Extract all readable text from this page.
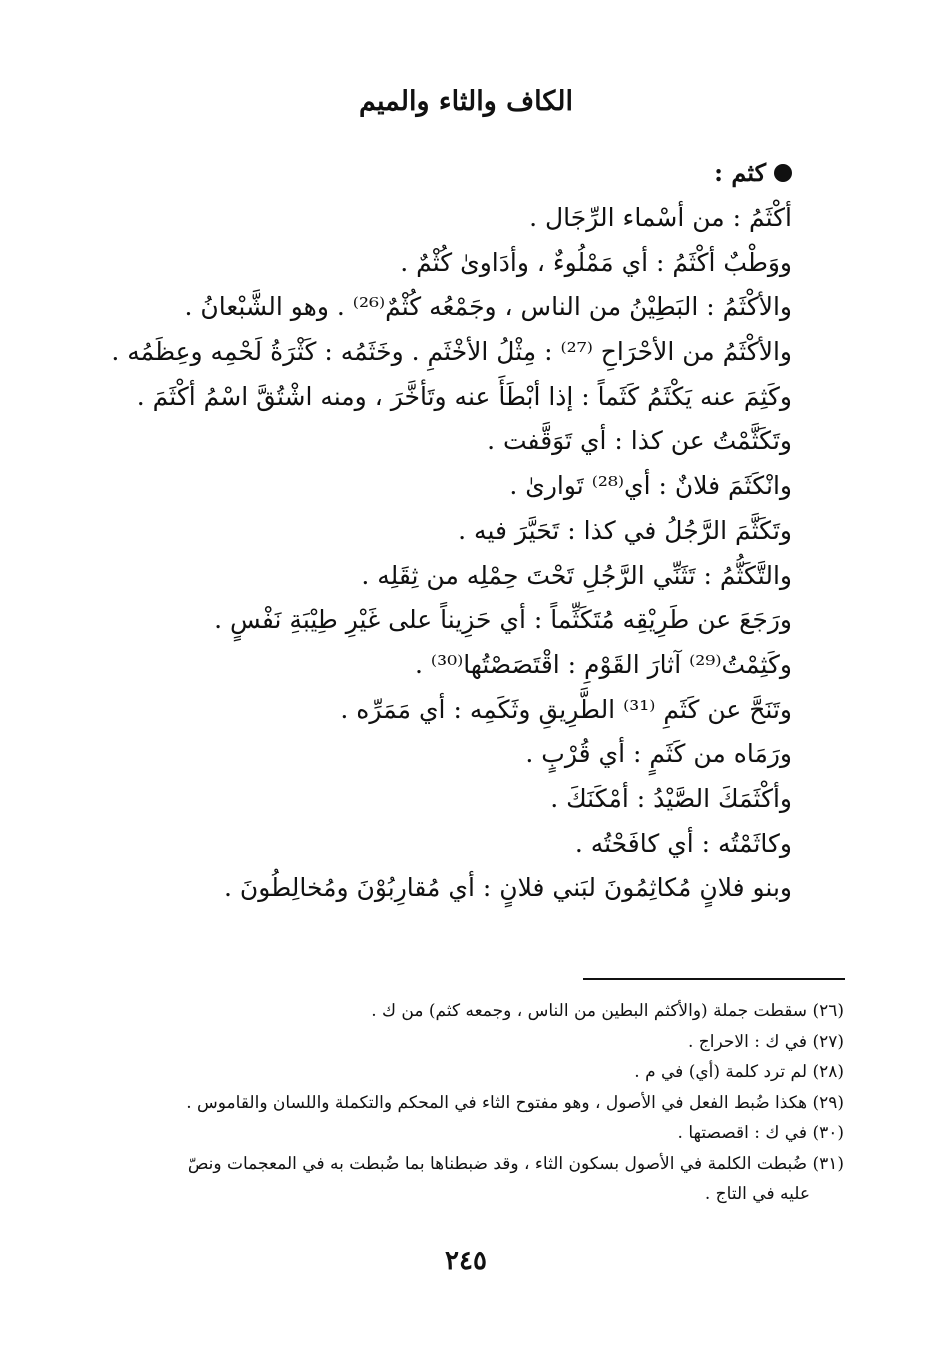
الكاف والثاء والميم
كثم :
أكْثَمُ : من أسْماء الرِّجَال .
ووَطْبٌ أكْثَمُ : أي مَمْلُوءٌ ، وأدَاوىٰ كُثْمٌ .
والأكْثَمُ : البَطِيْنُ من الناس ، وجَمْعُه كُثْمٌ⁽²⁶⁾ . وهو الشَّبْعانُ .
والأكْثَمُ من الأحْرَاحِ ⁽²⁷⁾ : مِثْلُ الأخْثَمِ . وخَثَمُه : كَثْرَةُ لَحْمِه وعِظَمُه .
وكَثِمَ عنه يَكْثَمُ كَثَماً : إذا أبْطَأَ عنه وتَأخَّرَ ، ومنه اشْتُقَّ اسْمُ أكْثَمَ .
وتَكَثَّمْتُ عن كذا : أي تَوَقَّفت .
وانْكَثَمَ فلانٌ : أي⁽²⁸⁾ تَوارىٰ .
وتَكَثَّمَ الرَّجُلُ في كذا : تَحَيَّرَ فيه .
والتَّكَثُّمُ : تَثَنِّي الرَّجُلِ تَحْتَ حِمْلِه من ثِقَلِه .
ورَجَعَ عن طَرِيْقِه مُتَكَثِّماً : أي حَزِيناً على غَيْرِ طِيْبَةِ نَفْسٍ .
وكَثِمْتُ⁽²⁹⁾ آثارَ القَوْمِ : اقْتَصَصْتُها⁽³⁰⁾ .
وتَنَحَّ عن كَثَمِ ⁽³¹⁾ الطَّرِيقِ وثَكَمِه : أي مَمَرِّه .
ورَمَاه من كَثَمٍ : أي قُرْبٍ .
وأكْثَمَكَ الصَّيْدُ : أمْكَنَكَ .
وكاثَمْتُه : أي كافَحْتُه .
وبنو فلانٍ مُكاثِمُونَ لبَني فلانٍ : أي مُقارِبُوْنَ ومُخالِطُونَ .
(٢٦) سقطت جملة (والأكثم البطين من الناس ، وجمعه كثم) من ك .
(٢٧) في ك : الاحراج .
(٢٨) لم ترد كلمة (أي) في م .
(٢٩) هكذا ضُبط الفعل في الأصول ، وهو مفتوح الثاء في المحكم والتكملة واللسان والقاموس .
(٣٠) في ك : اقصصتها .
(٣١) ضُبطت الكلمة في الأصول بسكون الثاء ، وقد ضبطناها بما ضُبطت به في المعجمات ونصّ
عليه في التاج .
٢٤٥
